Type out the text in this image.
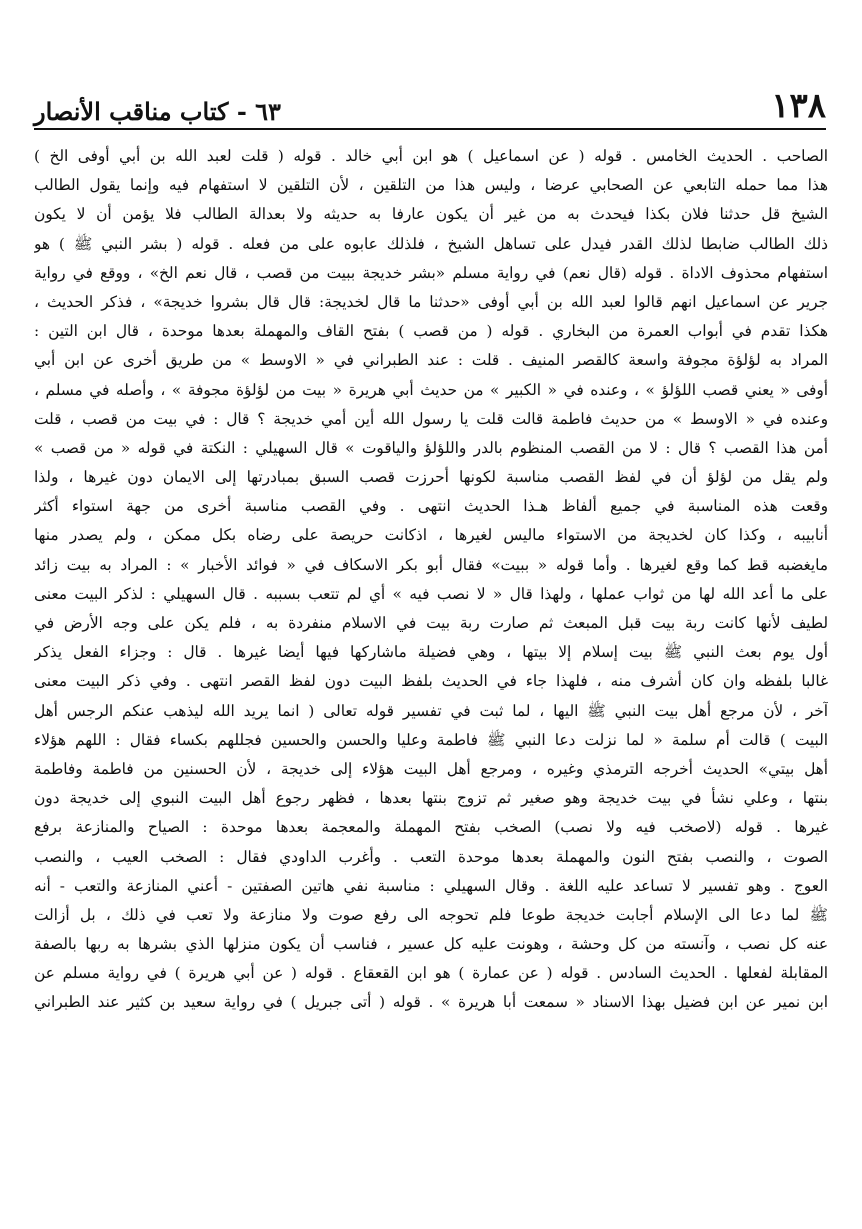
٦٣ - كتاب مناقب الأنصار	١٣٨
الصاحب . الحديث الخامس . قوله ( عن اسماعيل ) هو ابن أبي خالد . قوله ( قلت لعبد الله بن أبي أوفى الخ )
هذا مما حمله التابعي عن الصحابي عرضا ، وليس هذا من التلقين ، لأن التلقين لا استفهام فيه وإنما يقول الطالب
الشيخ قل حدثنا فلان بكذا فيحدث به من غير أن يكون عارفا به حديثه ولا بعدالة الطالب فلا يؤمن أن لا يكون
ذلك الطالب ضابطا لذلك القدر فيدل على تساهل الشيخ ، فلذلك عابوه على من فعله . قوله ( بشر النبي ﷺ ) هو
استفهام محذوف الاداة . قوله (قال نعم) في رواية مسلم «بشر خديجة ببيت من قصب ، قال نعم الخ» ، ووقع في رواية
جرير عن اسماعيل انهم قالوا لعبد الله بن أبي أوفى «حدثنا ما قال لخديجة: قال قال بشروا خديجة» ، فذكر الحديث ،
هكذا تقدم في أبواب العمرة من البخاري . قوله ( من قصب ) بفتح القاف والمهملة بعدها موحدة ، قال ابن التين :
المراد به لؤلؤة مجوفة واسعة كالقصر المنيف . قلت : عند الطبراني في « الاوسط » من طريق أخرى عن ابن أبي
أوفى « يعني قصب اللؤلؤ » ، وعنده في « الكبير » من حديث أبي هريرة « بيت من لؤلؤة مجوفة » ، وأصله في مسلم ،
وعنده في « الاوسط » من حديث فاطمة قالت قلت يا رسول الله أين أمي خديجة ؟ قال : في بيت من قصب ، قلت
أمن هذا القصب ؟ قال : لا من القصب المنظوم بالدر واللؤلؤ والياقوت » قال السهيلي : النكتة في قوله « من قصب »
ولم يقل من لؤلؤ أن في لفظ القصب مناسبة لكونها أحرزت قصب السبق بمبادرتها إلى الايمان دون غيرها ، ولذا
وقعت هذه المناسبة في جميع ألفاظ هـذا الحديث انتهى . وفي القصب مناسبة أخرى من جهة استواء أكثر
أنابيبه ، وكذا كان لخديجة من الاستواء ماليس لغيرها ، اذكانت حريصة على رضاه بكل ممكن ، ولم يصدر منها
مايغضبه قط كما وقع لغيرها . وأما قوله « ببيت» فقال أبو بكر الاسكاف في « فوائد الأخبار » : المراد به بيت زائد
على ما أعد الله لها من ثواب عملها ، ولهذا قال « لا نصب فيه » أي لم تتعب بسببه . قال السهيلي : لذكر البيت معنى
لطيف لأنها كانت ربة بيت قبل المبعث ثم صارت ربة بيت في الاسلام منفردة به ، فلم يكن على وجه الأرض في
أول يوم بعث النبي ﷺ بيت إسلام إلا بيتها ، وهي فضيلة ماشاركها فيها أيضا غيرها . قال : وجزاء الفعل يذكر
غالبا بلفظه وان كان أشرف منه ، فلهذا جاء في الحديث بلفظ البيت دون لفظ القصر انتهى . وفي ذكر البيت معنى
آخر ، لأن مرجع أهل بيت النبي ﷺ اليها ، لما ثبت في تفسير قوله تعالى ( انما يريد الله ليذهب عنكم الرجس أهل
البيت ) قالت أم سلمة « لما نزلت دعا النبي ﷺ فاطمة وعليا والحسن والحسين فجللهم بكساء فقال : اللهم هؤلاء
أهل بيتي» الحديث أخرجه الترمذي وغيره ، ومرجع أهل البيت هؤلاء إلى خديجة ، لأن الحسنين من فاطمة وفاطمة
بنتها ، وعلي نشأ في بيت خديجة وهو صغير ثم تزوج بنتها بعدها ، فظهر رجوع أهل البيت النبوي إلى خديجة دون
غيرها . قوله (لاصخب فيه ولا نصب) الصخب بفتح المهملة والمعجمة بعدها موحدة : الصياح والمنازعة برفع
الصوت ، والنصب بفتح النون والمهملة بعدها موحدة التعب . وأغرب الداودي فقال : الصخب العيب ، والنصب
العوج . وهو تفسير لا تساعد عليه اللغة . وقال السهيلي : مناسبة نفي هاتين الصفتين - أعني المنازعة والتعب - أنه
ﷺ لما دعا الى الإسلام أجابت خديجة طوعا فلم تحوجه الى رفع صوت ولا منازعة ولا تعب في ذلك ، بل أزالت
عنه كل نصب ، وآنسته من كل وحشة ، وهونت عليه كل عسير ، فناسب أن يكون منزلها الذي بشرها به ربها بالصفة
المقابلة لفعلها . الحديث السادس . قوله ( عن عمارة ) هو ابن القعقاع . قوله ( عن أبي هريرة ) في رواية مسلم عن
ابن نمير عن ابن فضيل بهذا الاسناد « سمعت أبا هريرة » . قوله ( أتى جبريل ) في رواية سعيد بن كثير عند الطبراني
